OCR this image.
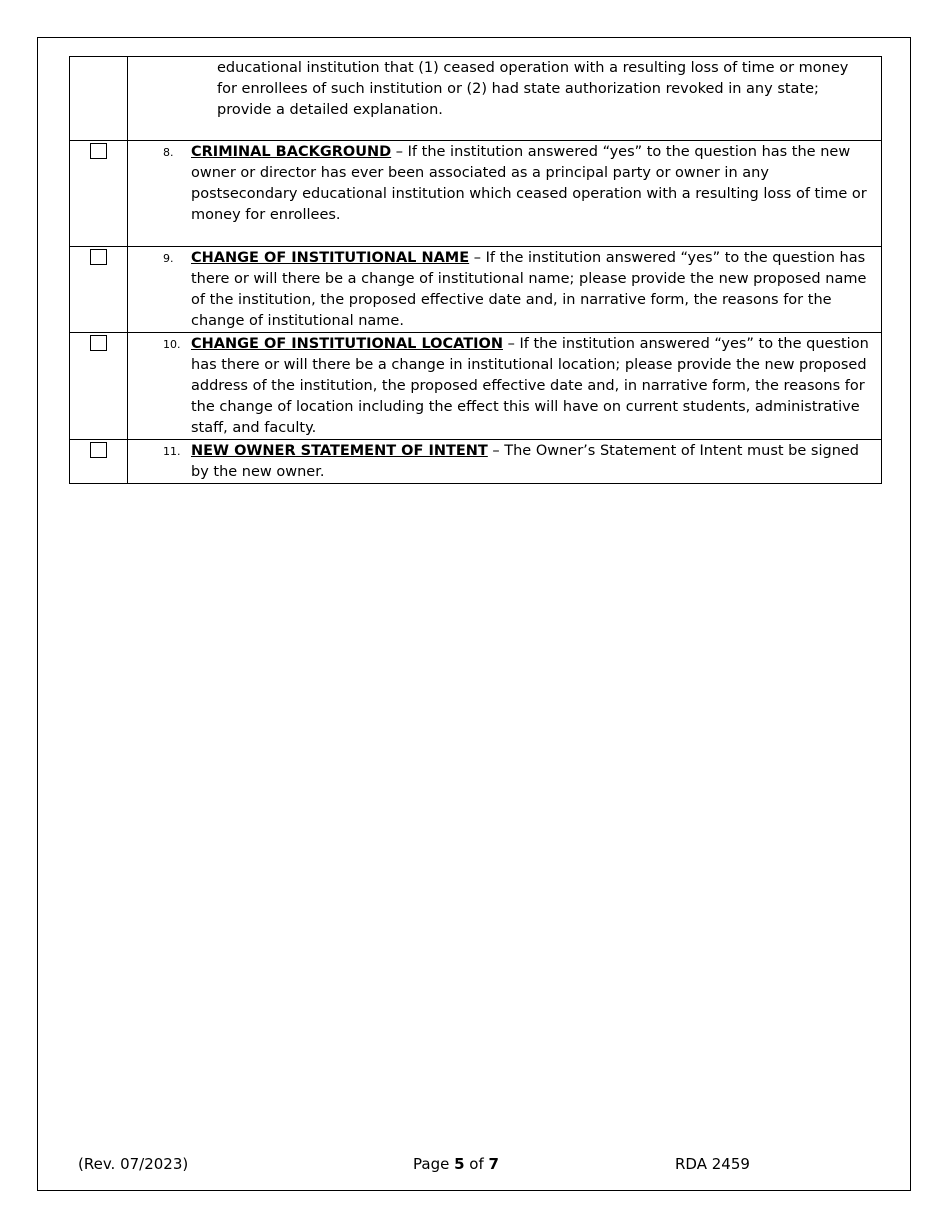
	educational institution that (1) ceased operation with a resulting loss of time or money for enrollees of such institution or (2) had state authorization revoked in any state; provide a detailed explanation.

	8. CRIMINAL BACKGROUND – If the institution answered “yes” to the question has the new owner or director has ever been associated as a principal party or owner in any postsecondary educational institution which ceased operation with a resulting loss of time or money for enrollees.

	9. CHANGE OF INSTITUTIONAL NAME – If the institution answered “yes” to the question has there or will there be a change of institutional name; please provide the new proposed name of the institution, the proposed effective date and, in narrative form, the reasons for the change of institutional name.

	10. CHANGE OF INSTITUTIONAL LOCATION – If the institution answered “yes” to the question has there or will there be a change in institutional location; please provide the new proposed address of the institution, the proposed effective date and, in narrative form, the reasons for the change of location including the effect this will have on current students, administrative staff, and faculty.

	11. NEW OWNER STATEMENT OF INTENT – The Owner’s Statement of Intent must be signed by the new owner.
(Rev. 07/2023)	Page 5 of 7	RDA 2459
